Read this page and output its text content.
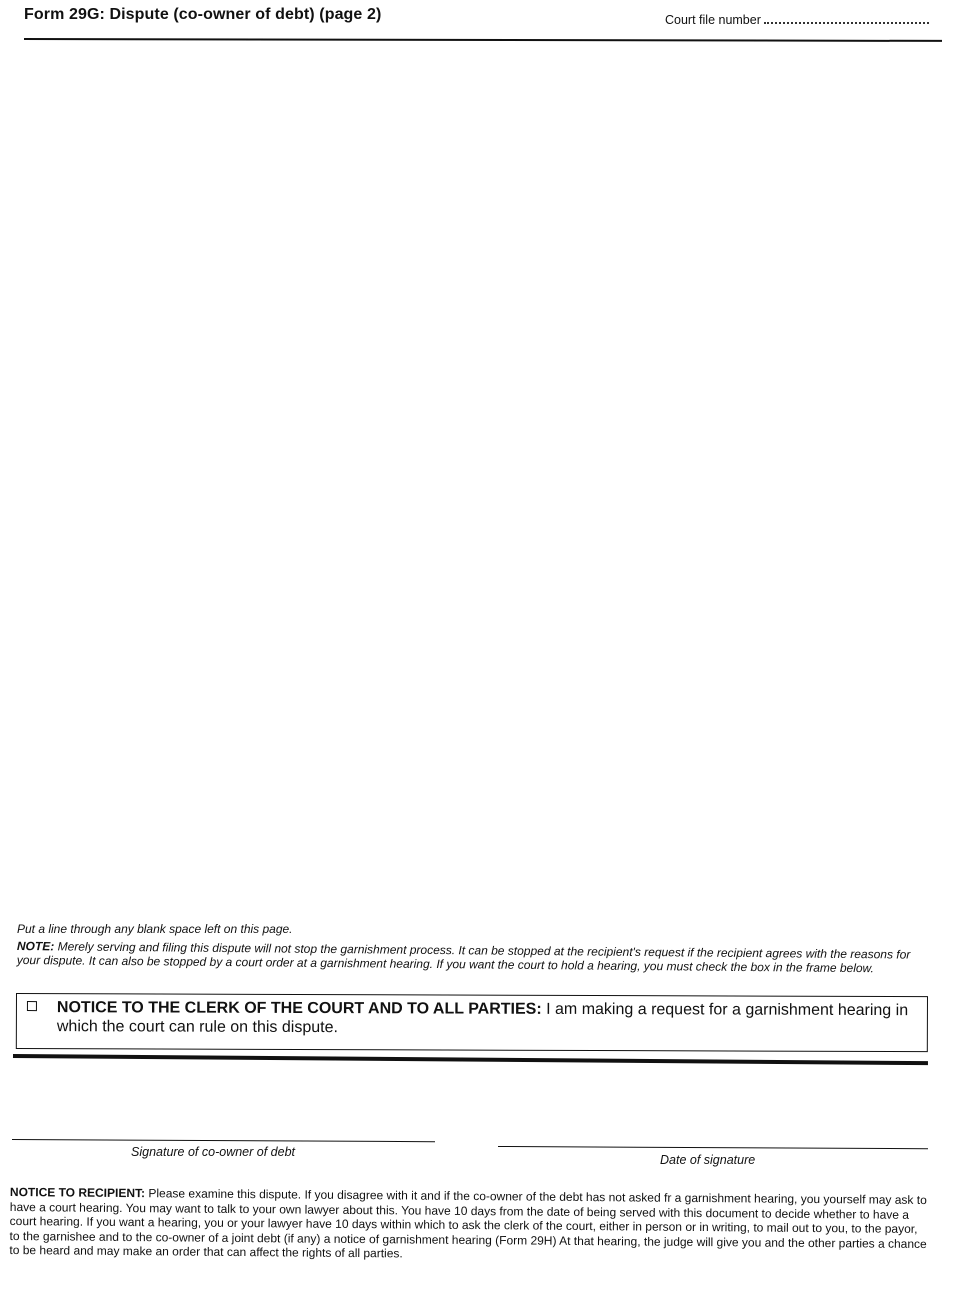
Form 29G: Dispute (co-owner of debt) (page 2)	Court file number
Put a line through any blank space left on this page.
NOTE: Merely serving and filing this dispute will not stop the garnishment process. It can be stopped at the recipient's request if the recipient agrees with the reasons for your dispute. It can also be stopped by a court order at a garnishment hearing. If you want the court to hold a hearing, you must check the box in the frame below.
NOTICE TO THE CLERK OF THE COURT AND TO ALL PARTIES: I am making a request for a garnishment hearing in which the court can rule on this dispute.
Signature of co-owner of debt
Date of signature
NOTICE TO RECIPIENT: Please examine this dispute. If you disagree with it and if the co-owner of the debt has not asked fr a garnishment hearing, you yourself may ask to have a court hearing. You may want to talk to your own lawyer about this. You have 10 days from the date of being served with this document to decide whether to have a court hearing. If you want a hearing, you or your lawyer have 10 days within which to ask the clerk of the court, either in person or in writing, to mail out to you, to the payor, to the garnishee and to the co-owner of a joint debt (if any) a notice of garnishment hearing (Form 29H) At that hearing, the judge will give you and the other parties a chance to be heard and may make an order that can affect the rights of all parties.
